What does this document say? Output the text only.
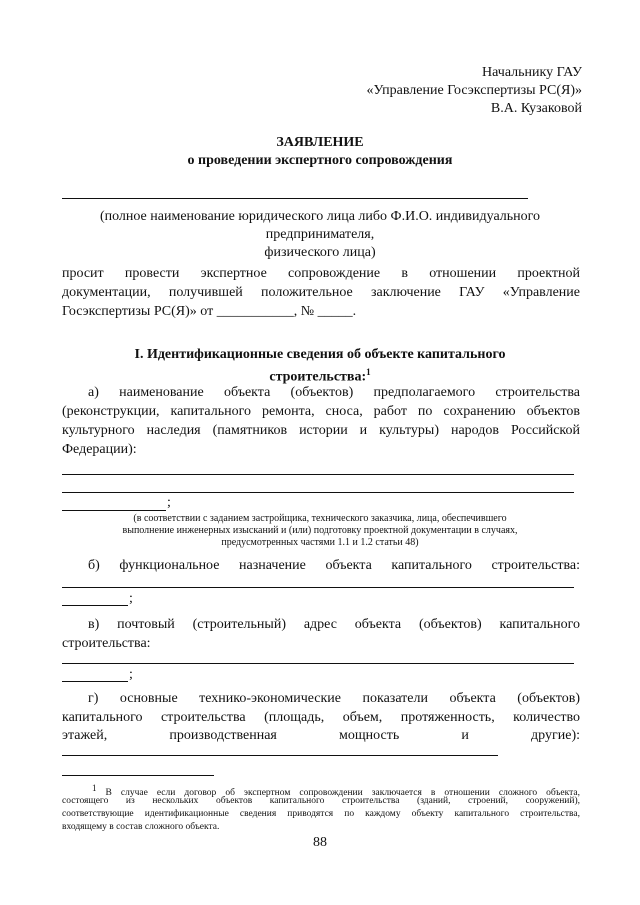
Начальнику ГАУ
«Управление Госэкспертизы РС(Я)»
В.А. Кузаковой
ЗАЯВЛЕНИЕ
о проведении экспертного сопровождения
(полное наименование юридического лица либо Ф.И.О. индивидуального
предпринимателя,
физического лица)
просит провести экспертное сопровождение в отношении проектной
документации, получившей положительное заключение ГАУ «Управление
Госэкспертизы РС(Я)» от ___________, № _____.
I. Идентификационные сведения об объекте капитального
строительства:$^1$
а) наименование объекта (объектов) предполагаемого строительства
(реконструкции, капитального ремонта, сноса, работ по сохранению объектов
культурного наследия (памятников истории и культуры) народов Российской
Федерации):
;
(в соответствии с заданием застройщика, технического заказчика, лица, обеспечившего
выполнение инженерных изысканий и (или) подготовку проектной документации в случаях,
предусмотренных частями 1.1 и 1.2 статьи 48)
б) функциональное назначение объекта капитального строительства:
;
в) почтовый (строительный) адрес объекта (объектов) капитального
строительства:
;
г) основные технико-экономические показатели объекта (объектов)
капитального строительства (площадь, объем, протяженность, количество
этажей, производственная мощность и другие):
$^1$ В случае если договор об экспертном сопровождении заключается в отношении сложного объекта,
состоящего из нескольких объектов капитального строительства (зданий, строений, сооружений),
соответствующие идентификационные сведения приводятся по каждому объекту капитального строительства,
входящему в состав сложного объекта.
88
